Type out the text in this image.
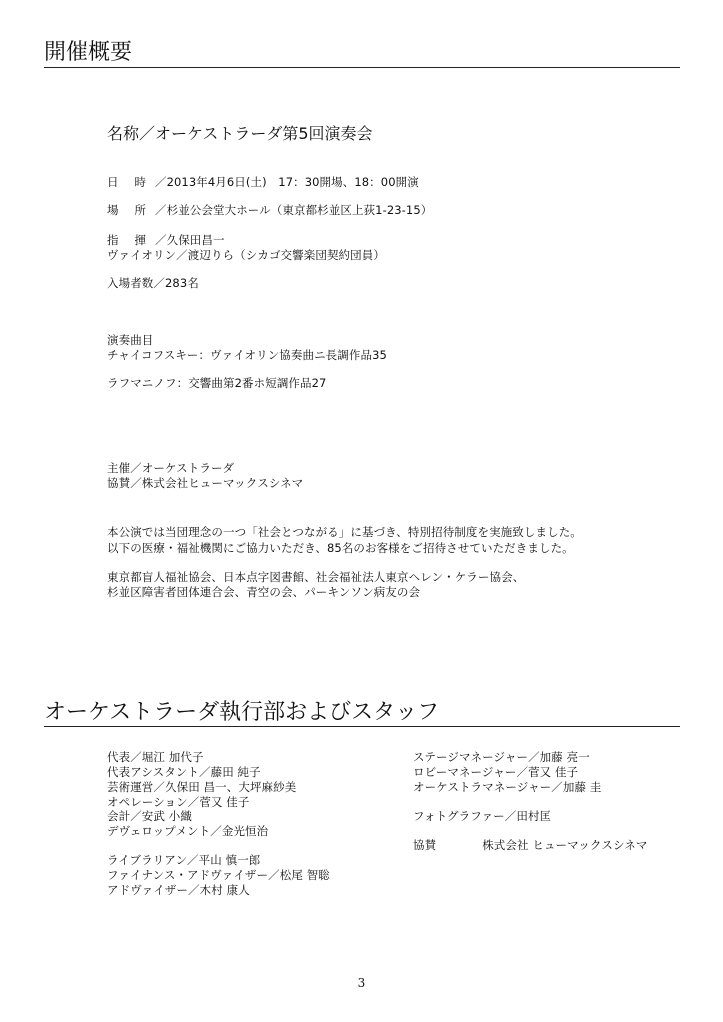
開催概要
名称／オーケストラーダ第5回演奏会
日 時 ／2013年4月6日(土)　17：30開場、18：00開演
場 所 ／杉並公会堂大ホール（東京都杉並区上荻1-23-15）
指 揮 ／久保田昌一
ヴァイオリン／渡辺りら（シカゴ交響楽団契約団員）
入場者数／283名
演奏曲目
チャイコフスキー：ヴァイオリン協奏曲ニ長調作品35
ラフマニノフ：交響曲第2番ホ短調作品27
主催／オーケストラーダ
協賛／株式会社ヒューマックスシネマ
本公演では当団理念の一つ「社会とつながる」に基づき、特別招待制度を実施致しました。
以下の医療・福祉機関にご協力いただき、85名のお客様をご招待させていただきました。
東京都盲人福祉協会、日本点字図書館、社会福祉法人東京ヘレン・ケラー協会、
杉並区障害者団体連合会、青空の会、パーキンソン病友の会
オーケストラーダ執行部およびスタッフ
代表／堀江 加代子
代表アシスタント／藤田 純子
芸術運営／久保田 昌一、大坪麻紗美
オペレーション／菅又 佳子
会計／安武 小織
デヴェロップメント／金光恒治
ライブラリアン／平山 慎一郎
ファイナンス・アドヴァイザー／松尾 智聡
アドヴァイザー／木村 康人
ステージマネージャー／加藤 亮一
ロビーマネージャー／菅又 佳子
オーケストラマネージャー／加藤 圭
フォトグラファー／田村匡
協賛	株式会社 ヒューマックスシネマ
3
